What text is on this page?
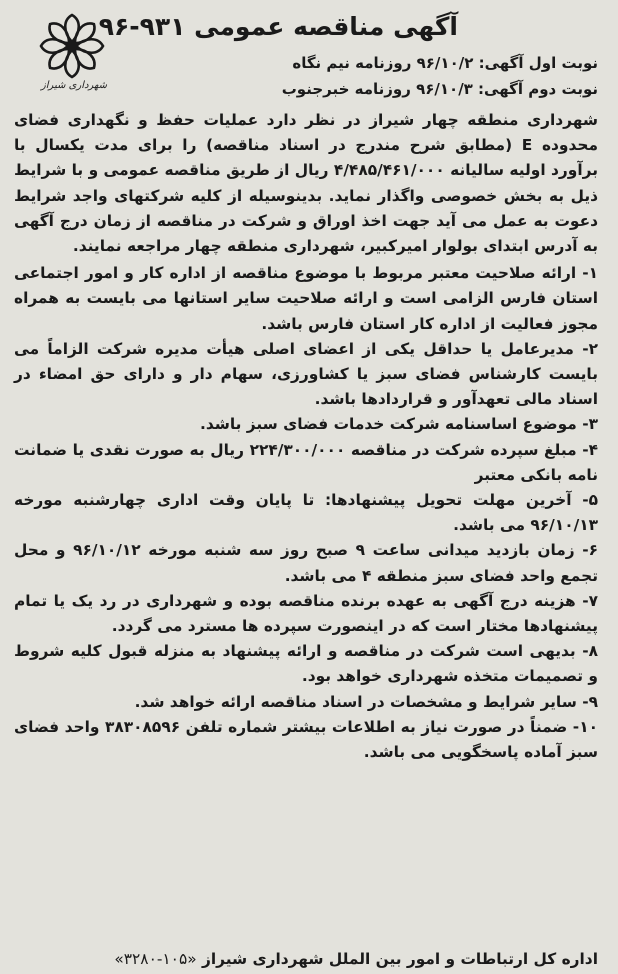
آگهی مناقصه عمومی ۹۳۱-۹۶
شهرداری شیراز
نوبت اول آگهی: ۹۶/۱۰/۲ روزنامه نیم نگاه
نوبت دوم آگهی: ۹۶/۱۰/۳ روزنامه خبرجنوب

شهرداری منطقه چهار شیراز در نظر دارد عملیات حفظ و نگهداری فضای محدوده E (مطابق شرح مندرج در اسناد مناقصه) را برای مدت یکسال با برآورد اولیه سالیانه ۴/۴۸۵/۴۶۱/۰۰۰ ریال از طریق مناقصه عمومی و با شرایط ذیل به بخش خصوصی واگذار نماید. بدینوسیله از کلیه شرکتهای واجد شرایط دعوت به عمل می آید جهت اخذ اوراق و شرکت در مناقصه از زمان درج آگهی به آدرس ابتدای بولوار امیرکبیر، شهرداری منطقه چهار مراجعه نمایند.

۱- ارائه صلاحیت معتبر مربوط با موضوع مناقصه از اداره کار و امور اجتماعی استان فارس الزامی است و ارائه صلاحیت سایر استانها می بایست به همراه مجوز فعالیت از اداره کار استان فارس باشد.
۲- مدیرعامل یا حداقل یکی از اعضای اصلی هیأت مدیره شرکت الزاماً می بایست کارشناس فضای سبز یا کشاورزی، سهام دار و دارای حق امضاء در اسناد مالی تعهدآور و قراردادها باشد.
۳- موضوع اساسنامه شرکت خدمات فضای سبز باشد.
۴- مبلغ سپرده شرکت در مناقصه ۲۲۴/۳۰۰/۰۰۰ ریال به صورت نقدی یا ضمانت نامه بانکی معتبر
۵- آخرین مهلت تحویل پیشنهادها: تا پایان وقت اداری چهارشنبه مورخه ۹۶/۱۰/۱۳ می باشد.
۶- زمان بازدید میدانی ساعت ۹ صبح روز سه شنبه مورخه ۹۶/۱۰/۱۲ و محل تجمع واحد فضای سبز منطقه ۴ می باشد.
۷- هزینه درج آگهی به عهده برنده مناقصه بوده و شهرداری در رد یک یا تمام پیشنهادها مختار است که در اینصورت سپرده ها مسترد می گردد.
۸- بدیهی است شرکت در مناقصه و ارائه پیشنهاد به منزله قبول کلیه شروط و تصمیمات متخذه شهرداری خواهد بود.
۹- سایر شرایط و مشخصات در اسناد مناقصه ارائه خواهد شد.
۱۰- ضمناً در صورت نیاز به اطلاعات بیشتر شماره تلفن ۳۸۳۰۸۵۹۶ واحد فضای سبز آماده پاسخگویی می باشد.
اداره کل ارتباطات و امور بین الملل شهرداری شیراز «۱۰۵-۳۲۸۰»
